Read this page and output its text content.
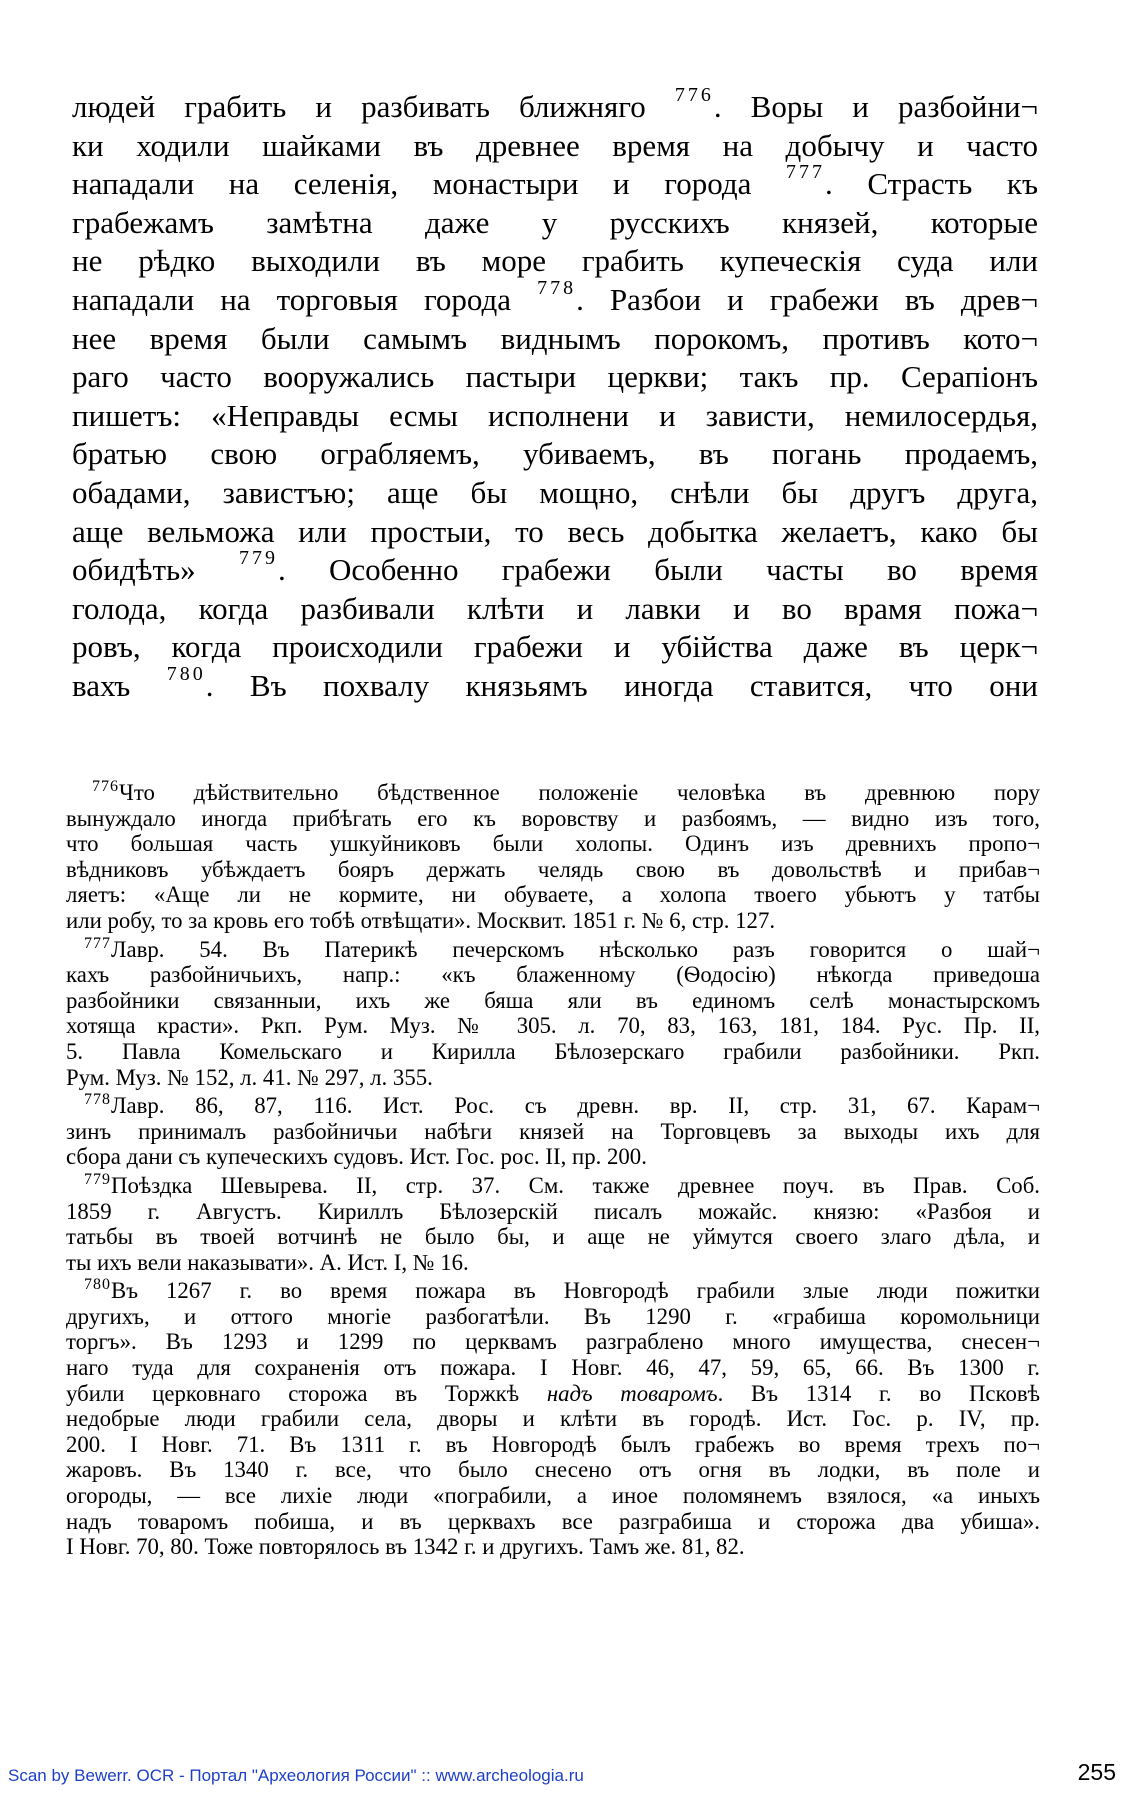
людей грабить и разбивать ближняго $^{776}$. Воры и разбойни¬
ки ходили шайками въ древнее время на добычу и часто
нападали на селенія, монастыри и города $^{777}$. Страсть къ
грабежамъ замѣтна даже у русскихъ князей, которые
не рѣдко выходили въ море грабить купеческія суда или
нападали на торговыя города $^{778}$. Разбои и грабежи въ древ¬
нее время были самымъ виднымъ порокомъ, противъ кото¬
раго часто вооружались пастыри церкви; такъ пр. Серапіонъ
пишетъ: «Неправды есмы исполнени и зависти, немилосердья,
братью свою ограбляемъ, убиваемъ, въ погань продаемъ,
обадами, завистъю; аще бы мощно, снѣли бы другъ друга,
аще вельможа или простыи, то весь добытка желаетъ, како бы
обидѣть» $^{779}$. Особенно грабежи были часты во время
голода, когда разбивали клѣти и лавки и во врамя пожа¬
ровъ, когда происходили грабежи и убійства даже въ церк¬
вахъ $^{780}$. Въ похвалу князьямъ иногда ставится, что они
$^{776}$Что дѣйствительно бѣдственное положеніе человѣка въ древнюю пору
вынуждало иногда прибѣгать его къ воровству и разбоямъ, — видно изъ того,
что большая часть ушкуйниковъ были холопы. Одинъ изъ древнихъ пропо¬
вѣдниковъ убѣждаетъ бояръ держать челядь свою въ довольствѣ и прибав¬
ляетъ: «Аще ли не кормите, ни обуваете, а холопа твоего убьютъ у татбы
или робу, то за кровь его тобѣ отвѣщати». Москвит. 1851 г. № 6, стр. 127.
$^{777}$Лавр. 54. Въ Патерикѣ печерскомъ нѣсколько разъ говорится о шай¬
кахъ разбойничьихъ, напр.: «къ блаженному (Ѳодосію) нѣкогда приведоша
разбойники связанныи, ихъ же бяша яли въ единомъ селѣ монастырскомъ
хотяща красти». Ркп. Рум. Муз. № 305. л. 70, 83, 163, 181, 184. Рус. Пр. II,
5. Павла Комельскаго и Кирилла Бѣлозерскаго грабили разбойники. Ркп.
Рум. Муз. № 152, л. 41. № 297, л. 355.
$^{778}$Лавр. 86, 87, 116. Ист. Рос. съ древн. вр. II, стр. 31, 67. Карам¬
зинъ принималъ разбойничьи набѣги князей на Торговцевъ за выходы ихъ для
сбора дани съ купеческихъ судовъ. Ист. Гос. рос. II, пр. 200.
$^{779}$Поѣздка Шевырева. II, стр. 37. См. также древнее поуч. въ Прав. Соб.
1859 г. Августъ. Кириллъ Бѣлозерскій писалъ можайс. князю: «Разбоя и
татьбы въ твоей вотчинѣ не было бы, и аще не уймутся своего злаго дѣла, и
ты ихъ вели наказывати». А. Ист. I, № 16.
$^{780}$Въ 1267 г. во время пожара въ Новгородѣ грабили злые люди пожитки
другихъ, и оттого многіе разбогатѣли. Въ 1290 г. «грабиша коромольници
торгъ». Въ 1293 и 1299 по церквамъ разграблено много имущества, снесен¬
наго туда для сохраненія отъ пожара. I Новг. 46, 47, 59, 65, 66. Въ 1300 г.
убили церковнаго сторожа въ Торжкѣ надъ товаромъ. Въ 1314 г. во Псковѣ
недобрые люди грабили села, дворы и клѣти въ городѣ. Ист. Гос. р. IV, пр.
200. I Новг. 71. Въ 1311 г. въ Новгородѣ былъ грабежъ во время трехъ по¬
жаровъ. Въ 1340 г. все, что было снесено отъ огня въ лодки, въ поле и
огороды, — все лихіе люди «пограбили, а иное поломянемъ взялося, «а иныхъ
надъ товаромъ побиша, и въ церквахъ все разграбиша и сторожа два убиша».
I Новг. 70, 80. Тоже повторялось въ 1342 г. и другихъ. Тамъ же. 81, 82.
Scan by Bewerr. OCR - Портал "Археология России" :: www.archeologia.ru	255
